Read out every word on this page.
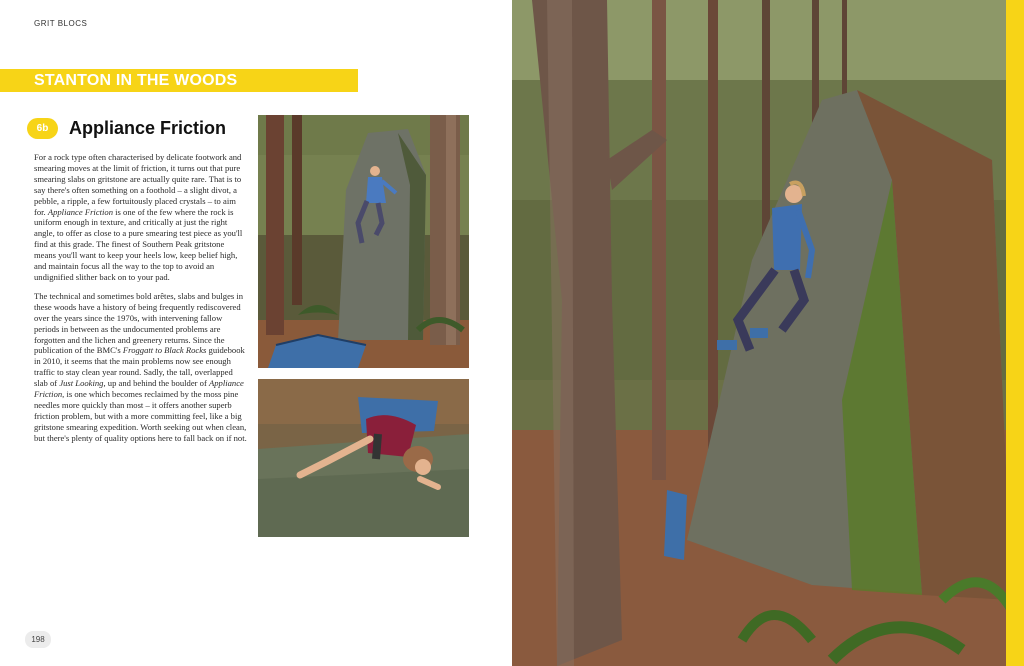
GRIT BLOCS
STANTON IN THE WOODS
6b	Appliance Friction

For a rock type often characterised by delicate footwork and smearing moves at the limit of friction, it turns out that pure smearing slabs on gritstone are actually quite rare. That is to say there's often something on a foothold – a slight divot, a pebble, a ripple, a few fortuitously placed crystals – to aim for. Appliance Friction is one of the few where the rock is uniform enough in texture, and critically at just the right angle, to offer as close to a pure smearing test piece as you'll find at this grade. The finest of Southern Peak gritstone means you'll want to keep your heels low, keep belief high, and maintain focus all the way to the top to avoid an undignified slither back on to your pad.

The technical and sometimes bold arêtes, slabs and bulges in these woods have a history of being frequently rediscovered over the years since the 1970s, with intervening fallow periods in between as the undocumented problems are forgotten and the lichen and greenery returns. Since the publication of the BMC's Froggatt to Black Rocks guidebook in 2010, it seems that the main problems now see enough traffic to stay clean year round. Sadly, the tall, overlapped slab of Just Looking, up and behind the boulder of Appliance Friction, is one which becomes reclaimed by the moss pine needles more quickly than most – it offers another superb friction problem, but with a more committing feel, like a big gritstone smearing expedition. Worth seeking out when clean, but there's plenty of quality options here to fall back on if not.

198
